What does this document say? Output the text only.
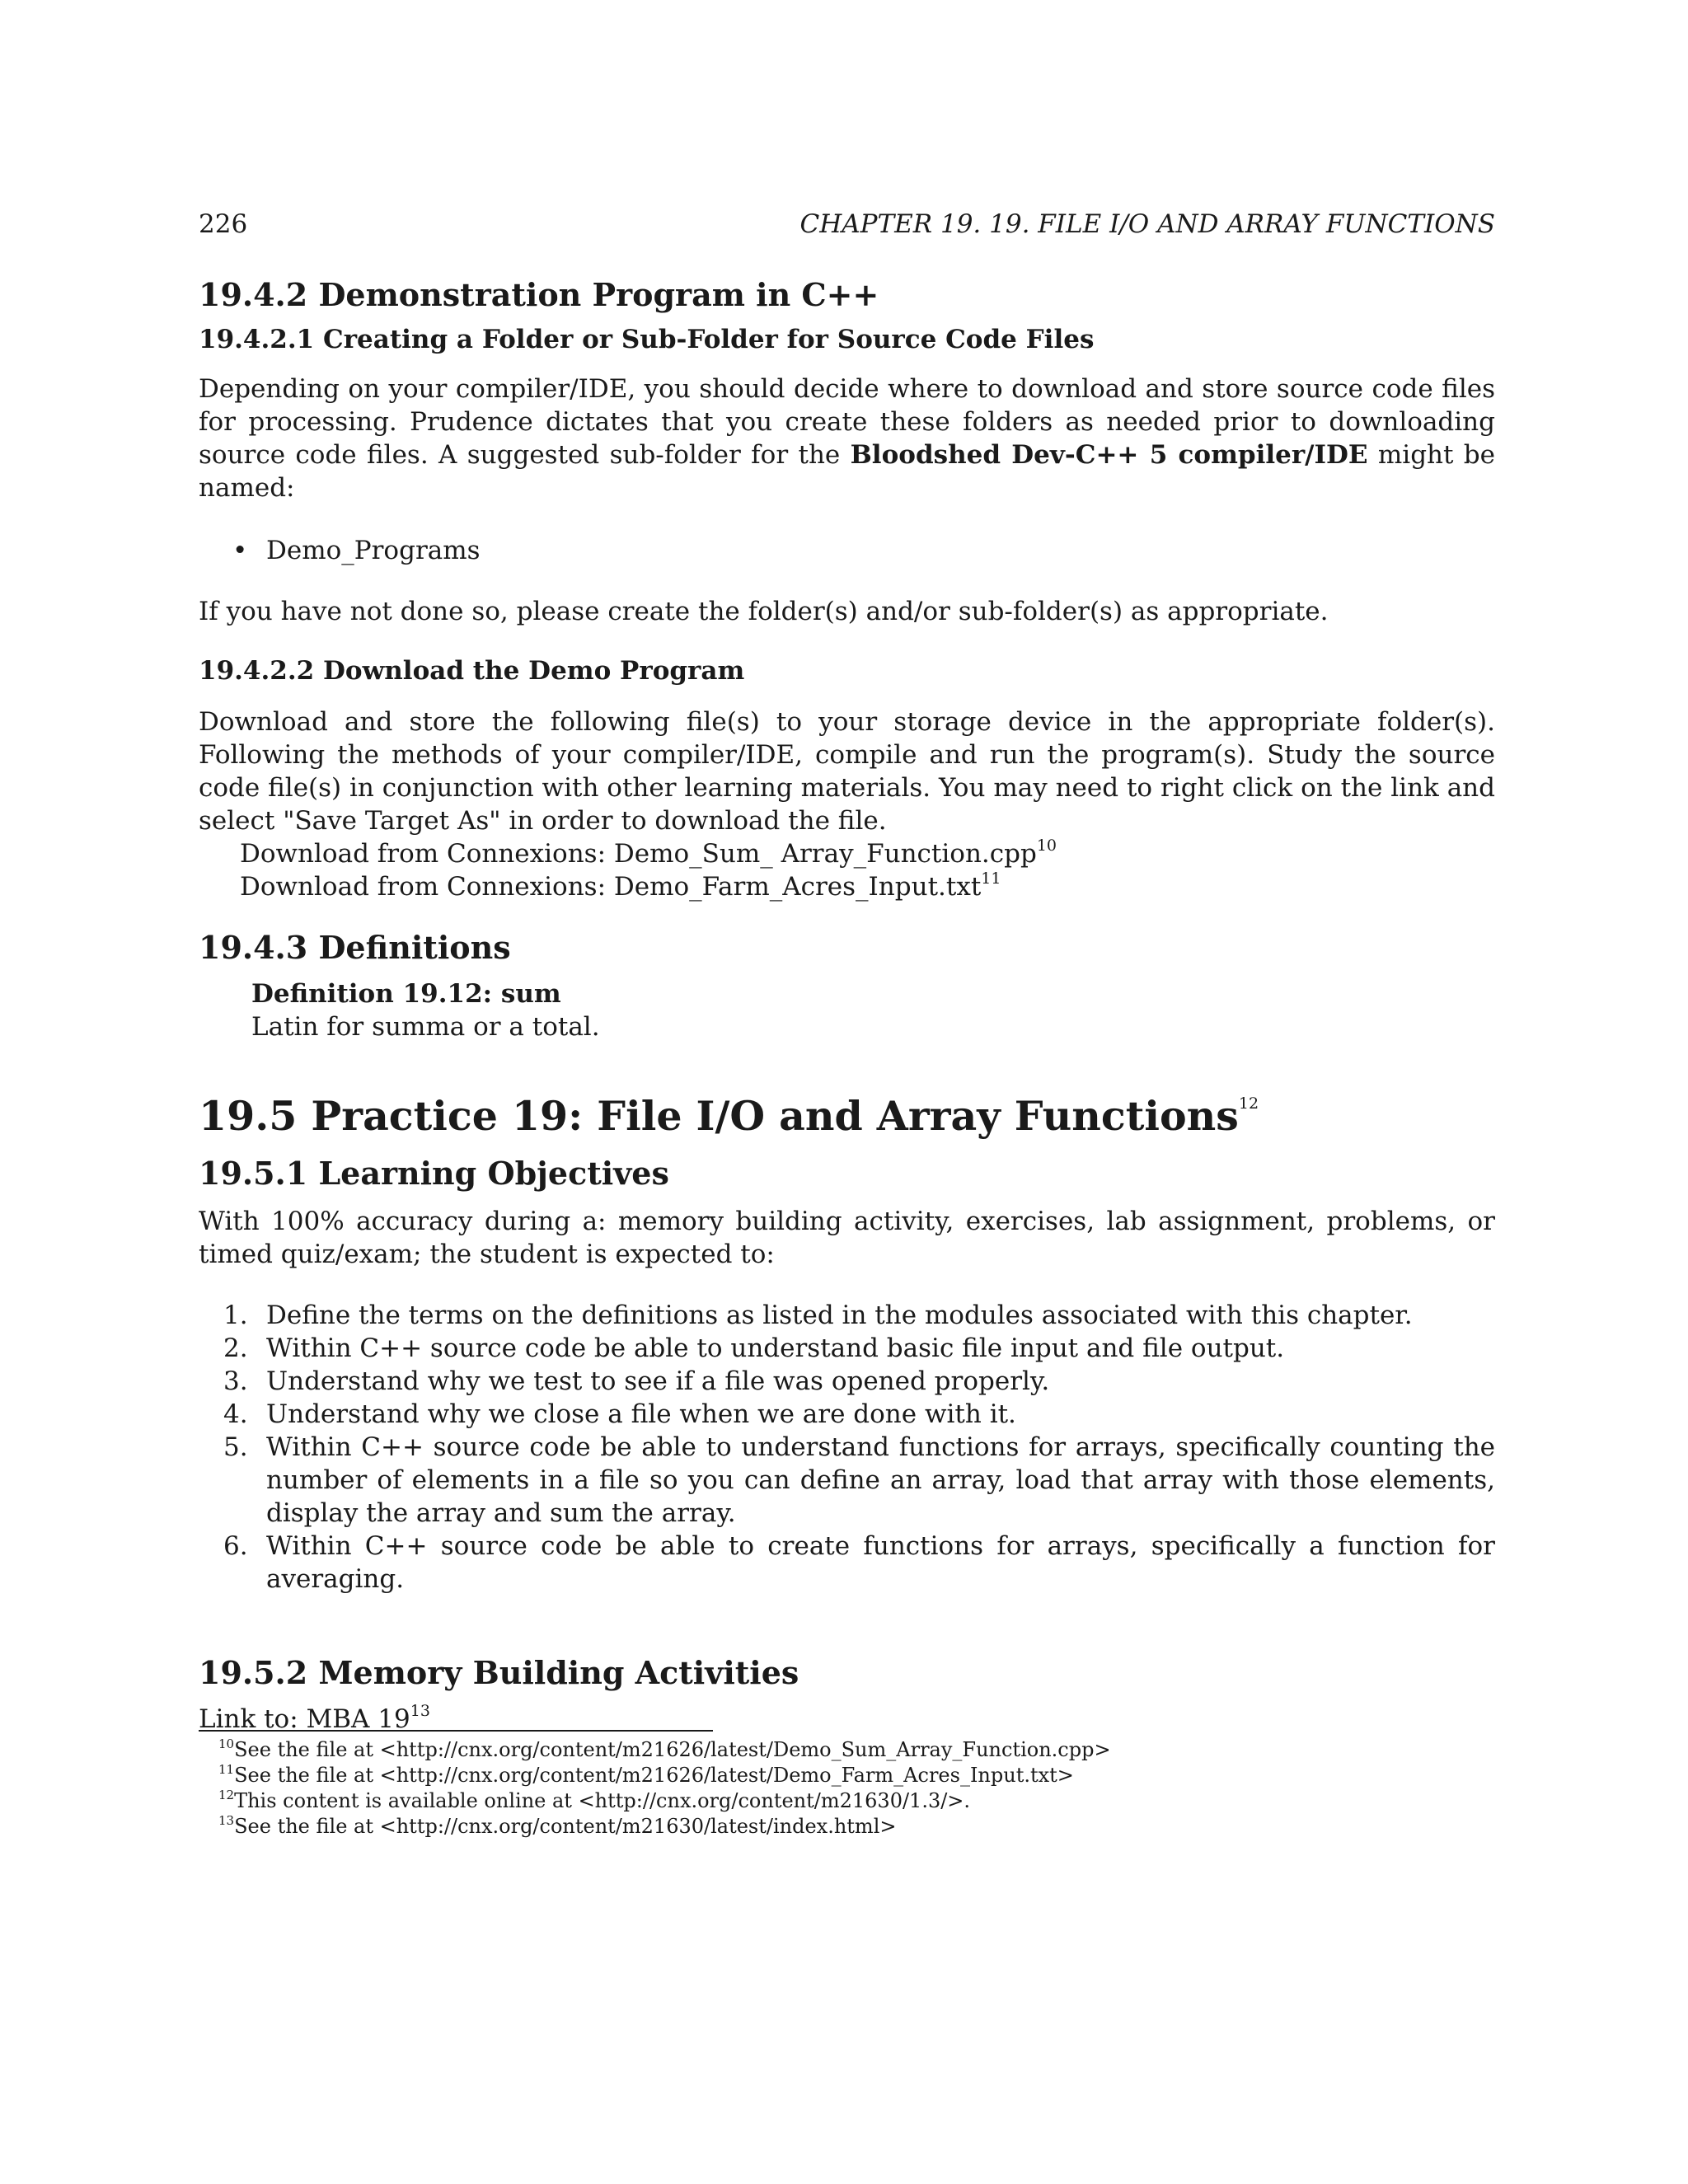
226	CHAPTER 19. 19. FILE I/O AND ARRAY FUNCTIONS
19.4.2 Demonstration Program in C++
19.4.2.1 Creating a Folder or Sub-Folder for Source Code Files

Depending on your compiler/IDE, you should decide where to download and store source code files for processing. Prudence dictates that you create these folders as needed prior to downloading source code files. A suggested sub-folder for the Bloodshed Dev-C++ 5 compiler/IDE might be named:

• Demo_Programs

If you have not done so, please create the folder(s) and/or sub-folder(s) as appropriate.

19.4.2.2 Download the Demo Program

Download and store the following file(s) to your storage device in the appropriate folder(s). Following the methods of your compiler/IDE, compile and run the program(s). Study the source code file(s) in conjunction with other learning materials. You may need to right click on the link and select "Save Target As" in order to download the file.

Download from Connexions: Demo_Sum_ Array_Function.cpp$^{10}$
Download from Connexions: Demo_Farm_Acres_Input.txt$^{11}$
19.4.3 Definitions
Definition 19.12: sum
Latin for summa or a total.
19.5 Practice 19: File I/O and Array Functions$^{12}$
19.5.1 Learning Objectives

With 100% accuracy during a: memory building activity, exercises, lab assignment, problems, or timed quiz/exam; the student is expected to:

1. Define the terms on the definitions as listed in the modules associated with this chapter.
2. Within C++ source code be able to understand basic file input and file output.
3. Understand why we test to see if a file was opened properly.
4. Understand why we close a file when we are done with it.
5. Within C++ source code be able to understand functions for arrays, specifically counting the number of elements in a file so you can define an array, load that array with those elements, display the array and sum the array.
6. Within C++ source code be able to create functions for arrays, specifically a function for averaging.
19.5.2 Memory Building Activities
Link to: MBA $19^{13}$
$^{10}$See the file at <http://cnx.org/content/m21626/latest/Demo_Sum_Array_Function.cpp>
$^{11}$See the file at <http://cnx.org/content/m21626/latest/Demo_Farm_Acres_Input.txt>
$^{12}$This content is available online at <http://cnx.org/content/m21630/1.3/>.
$^{13}$See the file at <http://cnx.org/content/m21630/latest/index.html>
